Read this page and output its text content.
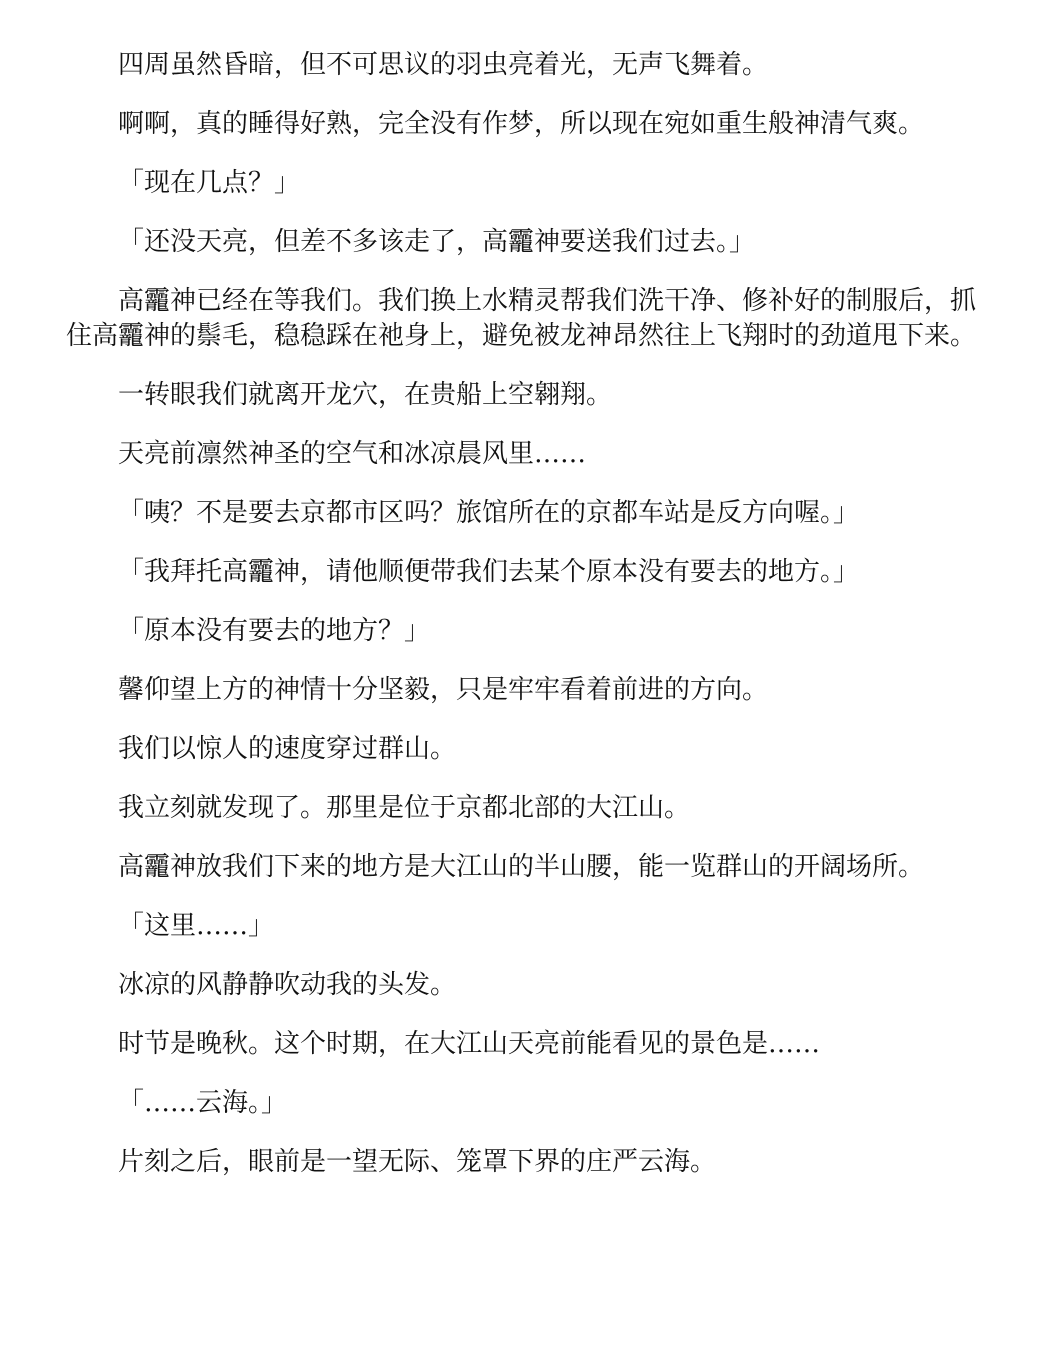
四周虽然昏暗，但不可思议的羽虫亮着光，无声飞舞着。

啊啊，真的睡得好熟，完全没有作梦，所以现在宛如重生般神清气爽。

「现在几点？」

「还没天亮，但差不多该走了，高龗神要送我们过去。」

高龗神已经在等我们。我们换上水精灵帮我们洗干净、修补好的制服后，抓住高龗神的鬃毛，稳稳踩在祂身上，避免被龙神昂然往上飞翔时的劲道甩下来。

一转眼我们就离开龙穴，在贵船上空翱翔。

天亮前凛然神圣的空气和冰凉晨风里……

「咦？不是要去京都市区吗？旅馆所在的京都车站是反方向喔。」

「我拜托高龗神，请他顺便带我们去某个原本没有要去的地方。」

「原本没有要去的地方？」

馨仰望上方的神情十分坚毅，只是牢牢看着前进的方向。

我们以惊人的速度穿过群山。

我立刻就发现了。那里是位于京都北部的大江山。

高龗神放我们下来的地方是大江山的半山腰，能一览群山的开阔场所。

「这里……」

冰凉的风静静吹动我的头发。

时节是晚秋。这个时期，在大江山天亮前能看见的景色是……

「……云海。」

片刻之后，眼前是一望无际、笼罩下界的庄严云海。
